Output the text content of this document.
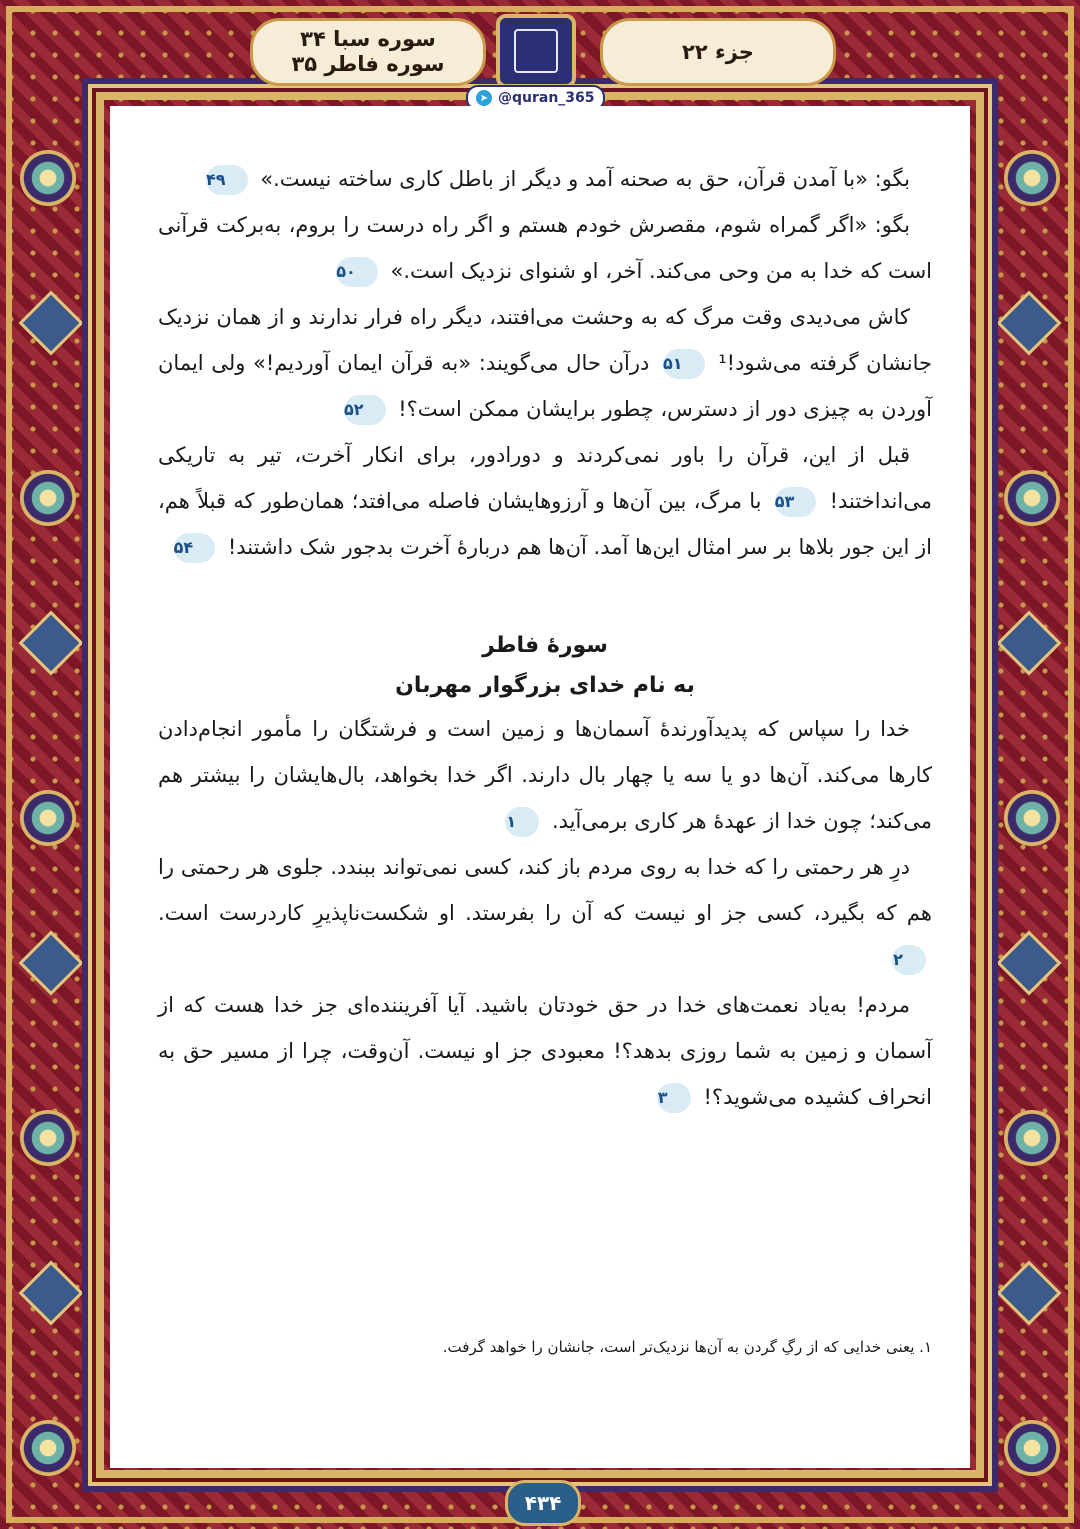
سوره سبا ۳۴
سوره فاطر ۳۵
جزء ۲۲
➤ @quran_365

بگو: «با آمدن قرآن، حق به صحنه آمد و دیگر از باطل کاری ساخته نیست.» ۴۹

بگو: «اگر گمراه شوم، مقصرش خودم هستم و اگر راه درست را بروم، به‌برکت قرآنی است که خدا به من وحی می‌کند. آخر، او شنوای نزدیک است.» ۵۰

کاش می‌دیدی وقت مرگ که به وحشت می‌افتند، دیگر راه فرار ندارند و از همان نزدیک جانشان گرفته می‌شود!¹ ۵۱ درآن حال می‌گویند: «به قرآن ایمان آوردیم!» ولی ایمان آوردن به چیزی دور از دسترس، چطور برایشان ممکن است؟! ۵۲

قبل از این، قرآن را باور نمی‌کردند و دورادور، برای انکار آخرت، تیر به تاریکی می‌انداختند! ۵۳ با مرگ، بین آن‌ها و آرزوهایشان فاصله می‌افتد؛ همان‌طور که قبلاً هم، از این جور بلاها بر سر امثال این‌ها آمد. آن‌ها هم دربارهٔ آخرت بدجور شک داشتند! ۵۴

سورهٔ فاطر
به نام خدای بزرگوار مهربان

خدا را سپاس که پدیدآورندهٔ آسمان‌ها و زمین است و فرشتگان را مأمور انجام‌دادن کارها می‌کند. آن‌ها دو یا سه یا چهار بال دارند. اگر خدا بخواهد، بال‌هایشان را بیشتر هم می‌کند؛ چون خدا از عهدهٔ هر کاری برمی‌آید. ۱

درِ هر رحمتی را که خدا به روی مردم باز کند، کسی نمی‌تواند ببندد. جلوی هر رحمتی را هم که بگیرد، کسی جز او نیست که آن را بفرستد. او شکست‌ناپذیرِ کاردرست است. ۲

مردم! به‌یاد نعمت‌های خدا در حق خودتان باشید. آیا آفریننده‌ای جز خدا هست که از آسمان و زمین به شما روزی بدهد؟! معبودی جز او نیست. آن‌وقت، چرا از مسیر حق به انحراف کشیده می‌شوید؟! ۳

۱. یعنی خدایی که از رگِ گردن به آن‌ها نزدیک‌تر است، جانشان را خواهد گرفت.
۴۳۴
